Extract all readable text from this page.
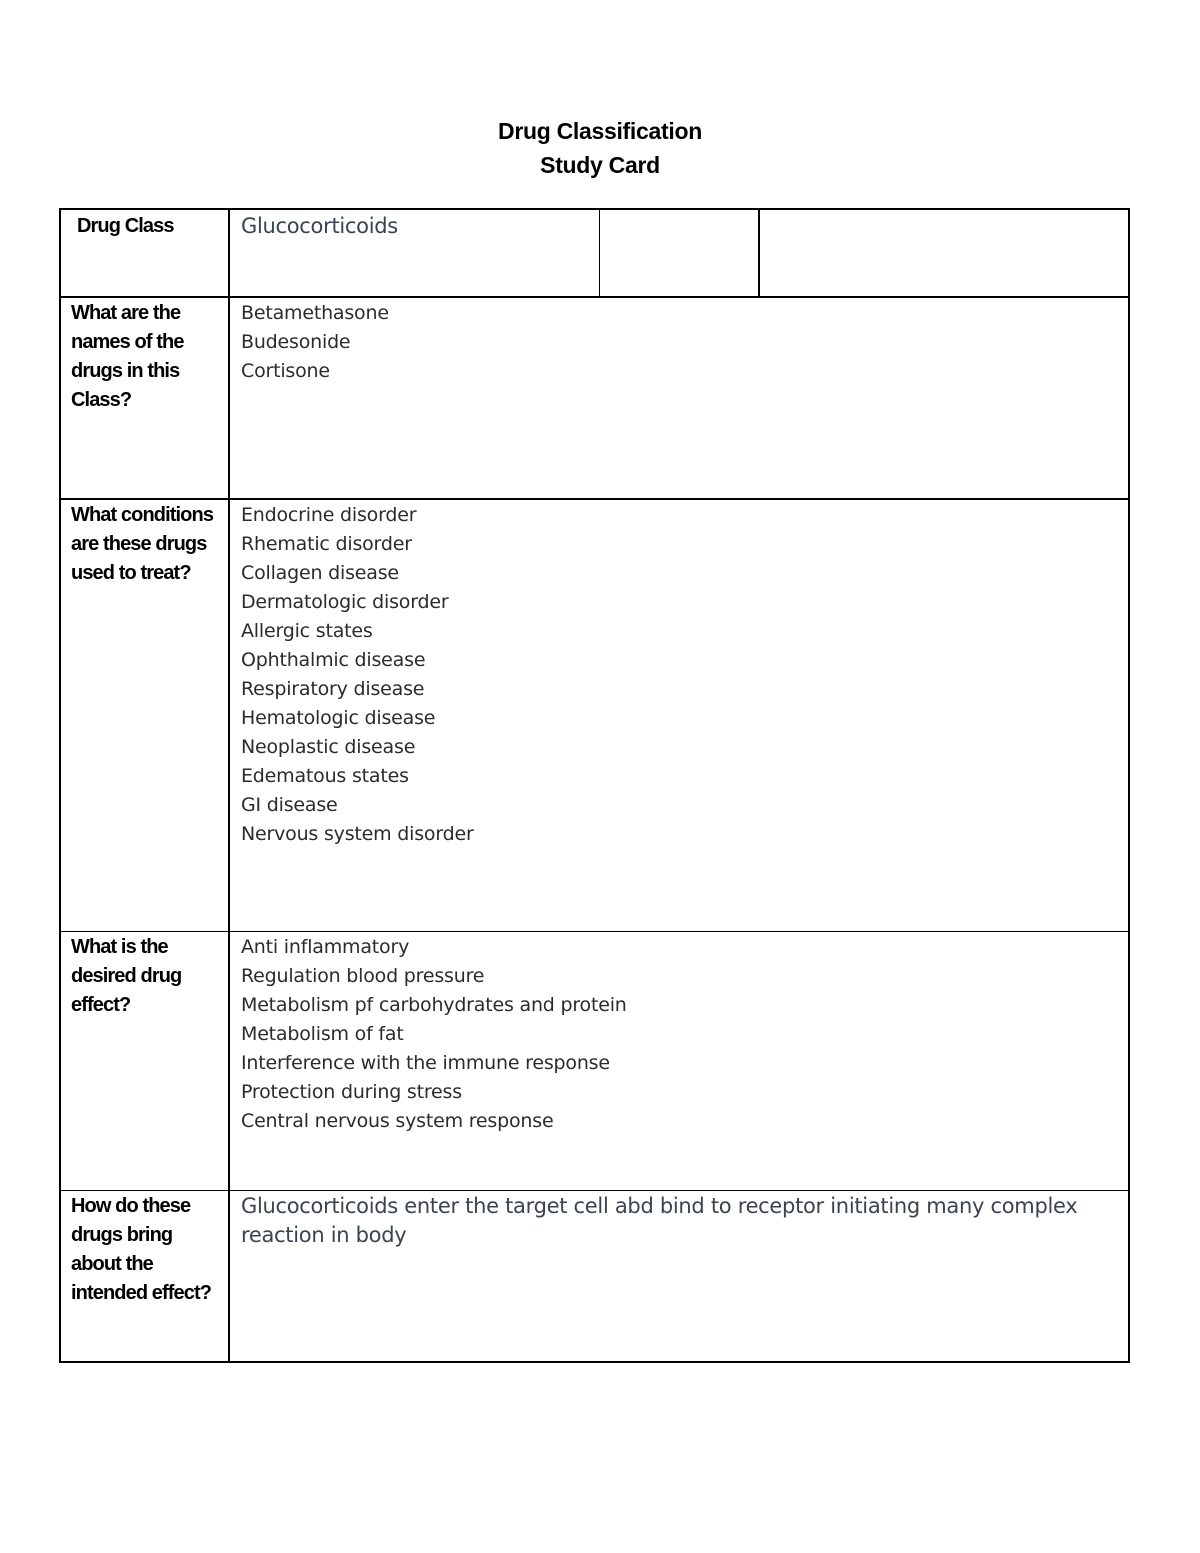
Drug Classification
Study Card
Drug Class	Glucocorticoids
What are the names of the drugs in this Class?
Betamethasone
Budesonide
Cortisone
What conditions are these drugs used to treat?
Endocrine disorder
Rhematic disorder
Collagen disease
Dermatologic disorder
Allergic states
Ophthalmic disease
Respiratory disease
Hematologic disease
Neoplastic disease
Edematous states
GI disease
Nervous system disorder
What is the desired drug effect?
Anti inflammatory
Regulation blood pressure
Metabolism pf carbohydrates and protein
Metabolism of fat
Interference with the immune response
Protection during stress
Central nervous system response
How do these drugs bring about the intended effect?
Glucocorticoids enter the target cell abd bind to receptor initiating many complex reaction in body
